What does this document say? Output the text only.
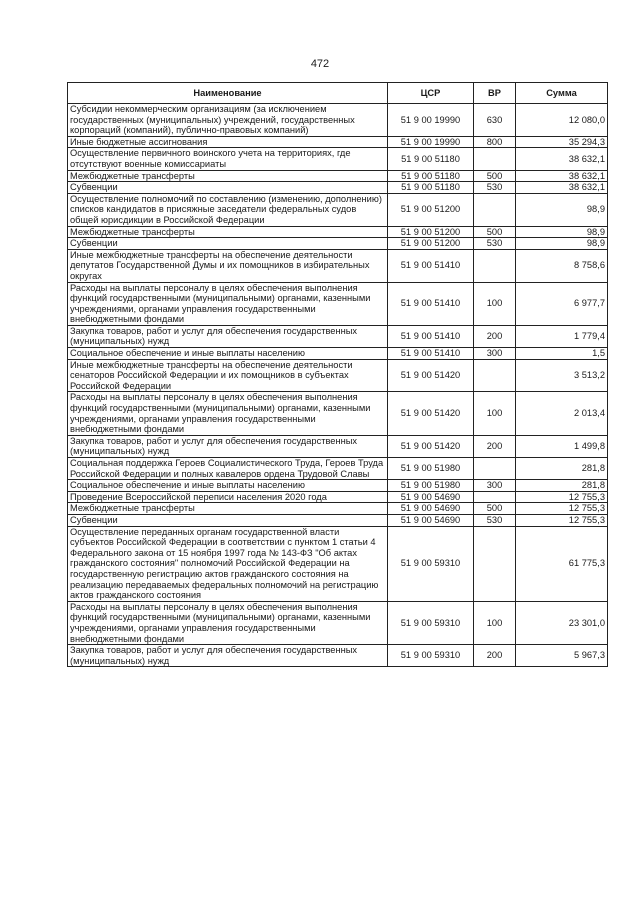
472
Наименование	ЦСР	ВР	Сумма
Субсидии некоммерческим организациям (за исключением государственных (муниципальных) учреждений, государственных корпораций (компаний), публично-правовых компаний)	51 9 00 19990	630	12 080,0
Иные бюджетные ассигнования	51 9 00 19990	800	35 294,3
Осуществление первичного воинского учета на территориях, где отсутствуют военные комиссариаты	51 9 00 51180		38 632,1
Межбюджетные трансферты	51 9 00 51180	500	38 632,1
Субвенции	51 9 00 51180	530	38 632,1
Осуществление полномочий по составлению (изменению, дополнению) списков кандидатов в присяжные заседатели федеральных судов общей юрисдикции в Российской Федерации	51 9 00 51200		98,9
Межбюджетные трансферты	51 9 00 51200	500	98,9
Субвенции	51 9 00 51200	530	98,9
Иные межбюджетные трансферты на обеспечение деятельности депутатов Государственной Думы и их помощников в избирательных округах	51 9 00 51410		8 758,6
Расходы на выплаты персоналу в целях обеспечения выполнения функций государственными (муниципальными) органами, казенными учреждениями, органами управления государственными внебюджетными фондами	51 9 00 51410	100	6 977,7
Закупка товаров, работ и услуг для обеспечения государственных (муниципальных) нужд	51 9 00 51410	200	1 779,4
Социальное обеспечение и иные выплаты населению	51 9 00 51410	300	1,5
Иные межбюджетные трансферты на обеспечение деятельности сенаторов Российской Федерации и их помощников в субъектах Российской Федерации	51 9 00 51420		3 513,2
Расходы на выплаты персоналу в целях обеспечения выполнения функций государственными (муниципальными) органами, казенными учреждениями, органами управления государственными внебюджетными фондами	51 9 00 51420	100	2 013,4
Закупка товаров, работ и услуг для обеспечения государственных (муниципальных) нужд	51 9 00 51420	200	1 499,8
Социальная поддержка Героев Социалистического Труда, Героев Труда Российской Федерации и полных кавалеров ордена Трудовой Славы	51 9 00 51980		281,8
Социальное обеспечение и иные выплаты населению	51 9 00 51980	300	281,8
Проведение Всероссийской переписи населения 2020 года	51 9 00 54690		12 755,3
Межбюджетные трансферты	51 9 00 54690	500	12 755,3
Субвенции	51 9 00 54690	530	12 755,3
Осуществление переданных органам государственной власти субъектов Российской Федерации в соответствии с пунктом 1 статьи 4 Федерального закона от 15 ноября 1997 года № 143-ФЗ "Об актах гражданского состояния" полномочий Российской Федерации на государственную регистрацию актов гражданского состояния на реализацию передаваемых федеральных полномочий на регистрацию актов гражданского состояния	51 9 00 59310		61 775,3
Расходы на выплаты персоналу в целях обеспечения выполнения функций государственными (муниципальными) органами, казенными учреждениями, органами управления государственными внебюджетными фондами	51 9 00 59310	100	23 301,0
Закупка товаров, работ и услуг для обеспечения государственных (муниципальных) нужд	51 9 00 59310	200	5 967,3
